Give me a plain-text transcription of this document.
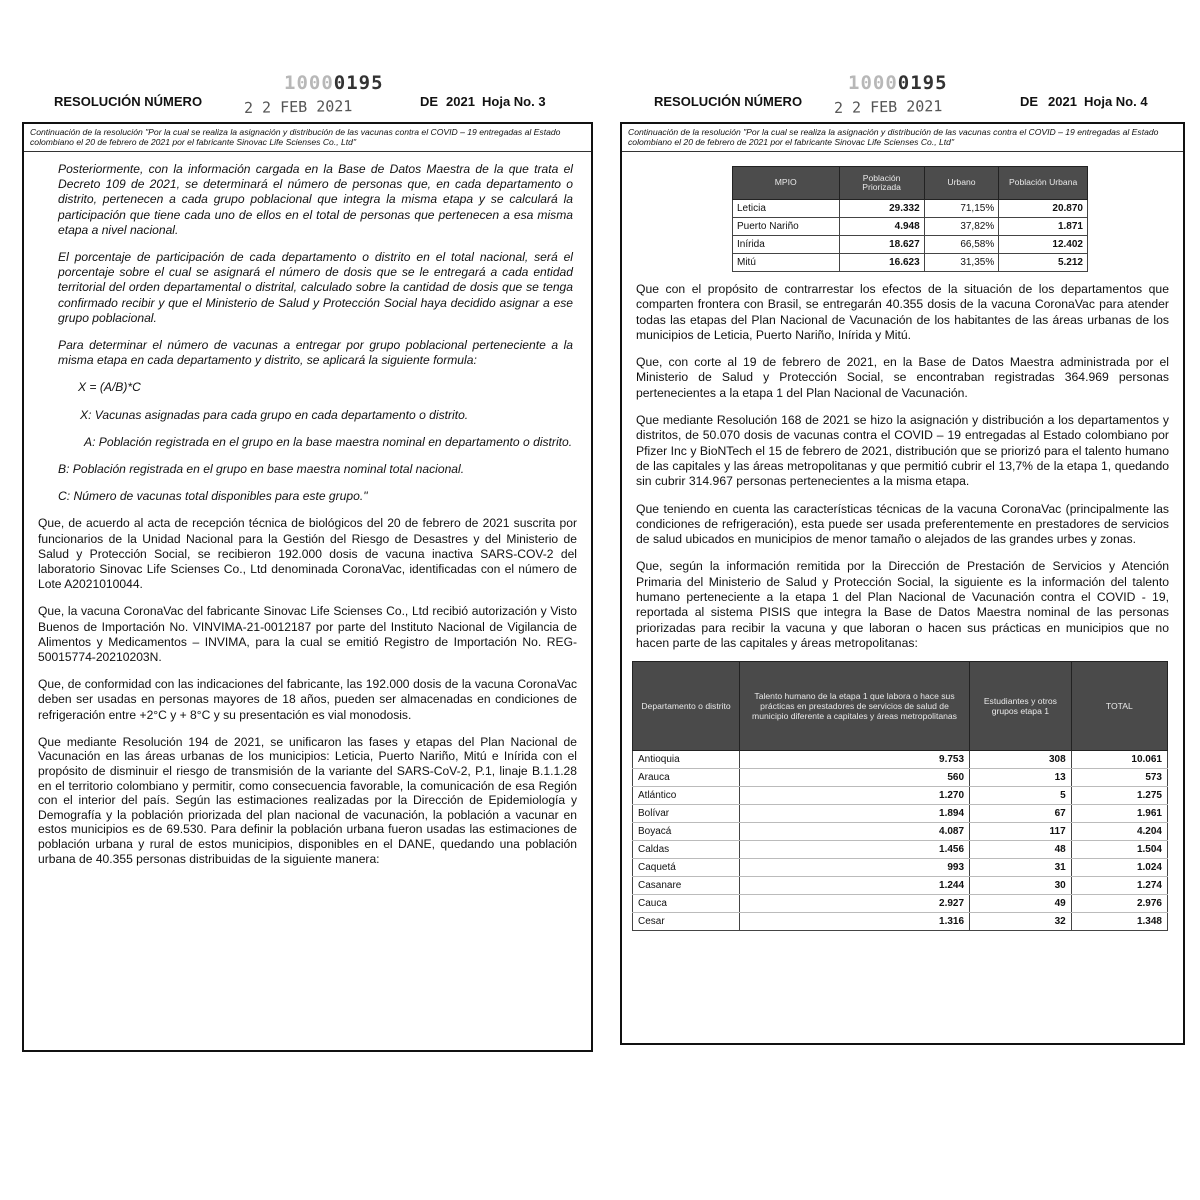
10000195
2 2 FEB 2021
RESOLUCIÓN NÚMERO	DE 2021 Hoja No. 3
Continuación de la resolución "Por la cual se realiza la asignación y distribución de las vacunas contra el COVID – 19 entregadas al Estado colombiano el 20 de febrero de 2021 por el fabricante Sinovac Life Scienses Co., Ltd"

Posteriormente, con la información cargada en la Base de Datos Maestra de la que trata el Decreto 109 de 2021, se determinará el número de personas que, en cada departamento o distrito, pertenecen a cada grupo poblacional que integra la misma etapa y se calculará la participación que tiene cada uno de ellos en el total de personas que pertenecen a esa misma etapa a nivel nacional.

El porcentaje de participación de cada departamento o distrito en el total nacional, será el porcentaje sobre el cual se asignará el número de dosis que se le entregará a cada entidad territorial del orden departamental o distrital, calculado sobre la cantidad de dosis que se tenga confirmado recibir y que el Ministerio de Salud y Protección Social haya decidido asignar a ese grupo poblacional.

Para determinar el número de vacunas a entregar por grupo poblacional perteneciente a la misma etapa en cada departamento y distrito, se aplicará la siguiente formula:

X = (A/B)*C

X: Vacunas asignadas para cada grupo en cada departamento o distrito.

A: Población registrada en el grupo en la base maestra nominal en departamento o distrito.

B: Población registrada en el grupo en base maestra nominal total nacional.

C: Número de vacunas total disponibles para este grupo."

Que, de acuerdo al acta de recepción técnica de biológicos del 20 de febrero de 2021 suscrita por funcionarios de la Unidad Nacional para la Gestión del Riesgo de Desastres y del Ministerio de Salud y Protección Social, se recibieron 192.000 dosis de vacuna inactiva SARS-COV-2 del laboratorio Sinovac Life Scienses Co., Ltd denominada CoronaVac, identificadas con el número de Lote A2021010044.

Que, la vacuna CoronaVac del fabricante Sinovac Life Scienses Co., Ltd recibió autorización y Visto Buenos de Importación No. VINVIMA-21-0012187 por parte del Instituto Nacional de Vigilancia de Alimentos y Medicamentos – INVIMA, para la cual se emitió Registro de Importación No. REG-50015774-20210203N.

Que, de conformidad con las indicaciones del fabricante, las 192.000 dosis de la vacuna CoronaVac deben ser usadas en personas mayores de 18 años, pueden ser almacenadas en condiciones de refrigeración entre +2°C y + 8°C y su presentación es vial monodosis.

Que mediante Resolución 194 de 2021, se unificaron las fases y etapas del Plan Nacional de Vacunación en las áreas urbanas de los municipios: Leticia, Puerto Nariño, Mitú e Inírida con el propósito de disminuir el riesgo de transmisión de la variante del SARS-CoV-2, P.1, linaje B.1.1.28 en el territorio colombiano y permitir, como consecuencia favorable, la comunicación de esa Región con el interior del país. Según las estimaciones realizadas por la Dirección de Epidemiología y Demografía y la población priorizada del plan nacional de vacunación, la población a vacunar en estos municipios es de 69.530. Para definir la población urbana fueron usadas las estimaciones de población urbana y rural de estos municipios, disponibles en el DANE, quedando una población urbana de 40.355 personas distribuidas de la siguiente manera:

10000195
2 2 FEB 2021
RESOLUCIÓN NÚMERO	DE 2021 Hoja No. 4
Continuación de la resolución "Por la cual se realiza la asignación y distribución de las vacunas contra el COVID – 19 entregadas al Estado colombiano el 20 de febrero de 2021 por el fabricante Sinovac Life Scienses Co., Ltd"
MPIO	Población Priorizada	Urbano	Población Urbana
Leticia	29.332	71,15%	20.870
Puerto Nariño	4.948	37,82%	1.871
Inírida	18.627	66,58%	12.402
Mitú	16.623	31,35%	5.212

Que con el propósito de contrarrestar los efectos de la situación de los departamentos que comparten frontera con Brasil, se entregarán 40.355 dosis de la vacuna CoronaVac para atender todas las etapas del Plan Nacional de Vacunación de los habitantes de las áreas urbanas de los municipios de Leticia, Puerto Nariño, Inírida y Mitú.

Que, con corte al 19 de febrero de 2021, en la Base de Datos Maestra administrada por el Ministerio de Salud y Protección Social, se encontraban registradas 364.969 personas pertenecientes a la etapa 1 del Plan Nacional de Vacunación.

Que mediante Resolución 168 de 2021 se hizo la asignación y distribución a los departamentos y distritos, de 50.070 dosis de vacunas contra el COVID – 19 entregadas al Estado colombiano por Pfizer Inc y BioNTech el 15 de febrero de 2021, distribución que se priorizó para el talento humano de las capitales y las áreas metropolitanas y que permitió cubrir el 13,7% de la etapa 1, quedando sin cubrir 314.967 personas pertenecientes a la misma etapa.

Que teniendo en cuenta las características técnicas de la vacuna CoronaVac (principalmente las condiciones de refrigeración), esta puede ser usada preferentemente en prestadores de servicios de salud ubicados en municipios de menor tamaño o alejados de las grandes urbes y zonas.

Que, según la información remitida por la Dirección de Prestación de Servicios y Atención Primaria del Ministerio de Salud y Protección Social, la siguiente es la información del talento humano perteneciente a la etapa 1 del Plan Nacional de Vacunación contra el COVID - 19, reportada al sistema PISIS que integra la Base de Datos Maestra nominal de las personas priorizadas para recibir la vacuna y que laboran o hacen sus prácticas en municipios que no hacen parte de las capitales y áreas metropolitanas:

Departamento o distrito	Talento humano de la etapa 1 que labora o hace sus prácticas en prestadores de servicios de salud de municipio diferente a capitales y áreas metropolitanas	Estudiantes y otros grupos etapa 1	TOTAL
Antioquia	9.753	308	10.061
Arauca	560	13	573
Atlántico	1.270	5	1.275
Bolívar	1.894	67	1.961
Boyacá	4.087	117	4.204
Caldas	1.456	48	1.504
Caquetá	993	31	1.024
Casanare	1.244	30	1.274
Cauca	2.927	49	2.976
Cesar	1.316	32	1.348
